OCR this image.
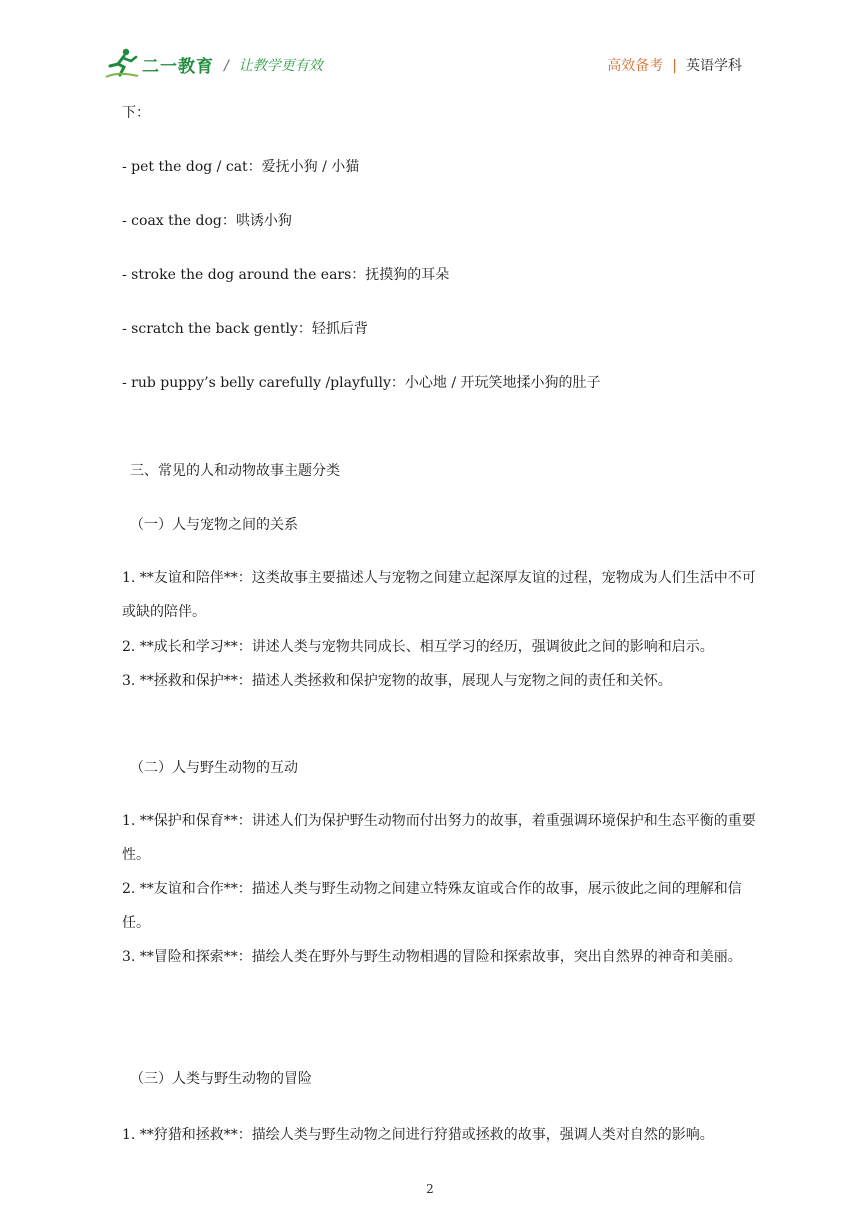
二一教育 / 让教学更有效	高效备考 | 英语学科
下：
- pet the dog / cat：爱抚小狗 / 小猫
- coax the dog：哄诱小狗
- stroke the dog around the ears：抚摸狗的耳朵
- scratch the back gently：轻抓后背
- rub puppy’s belly carefully /playfully：小心地 / 开玩笑地揉小狗的肚子
三、常见的人和动物故事主题分类
（一）人与宠物之间的关系
1. **友谊和陪伴**：这类故事主要描述人与宠物之间建立起深厚友谊的过程，宠物成为人们生活中不可或缺的陪伴。
2. **成长和学习**：讲述人类与宠物共同成长、相互学习的经历，强调彼此之间的影响和启示。
3. **拯救和保护**：描述人类拯救和保护宠物的故事，展现人与宠物之间的责任和关怀。
（二）人与野生动物的互动
1. **保护和保育**：讲述人们为保护野生动物而付出努力的故事，着重强调环境保护和生态平衡的重要性。
2. **友谊和合作**：描述人类与野生动物之间建立特殊友谊或合作的故事，展示彼此之间的理解和信任。
3. **冒险和探索**：描绘人类在野外与野生动物相遇的冒险和探索故事，突出自然界的神奇和美丽。
（三）人类与野生动物的冒险
1. **狩猎和拯救**：描绘人类与野生动物之间进行狩猎或拯救的故事，强调人类对自然的影响。
2
